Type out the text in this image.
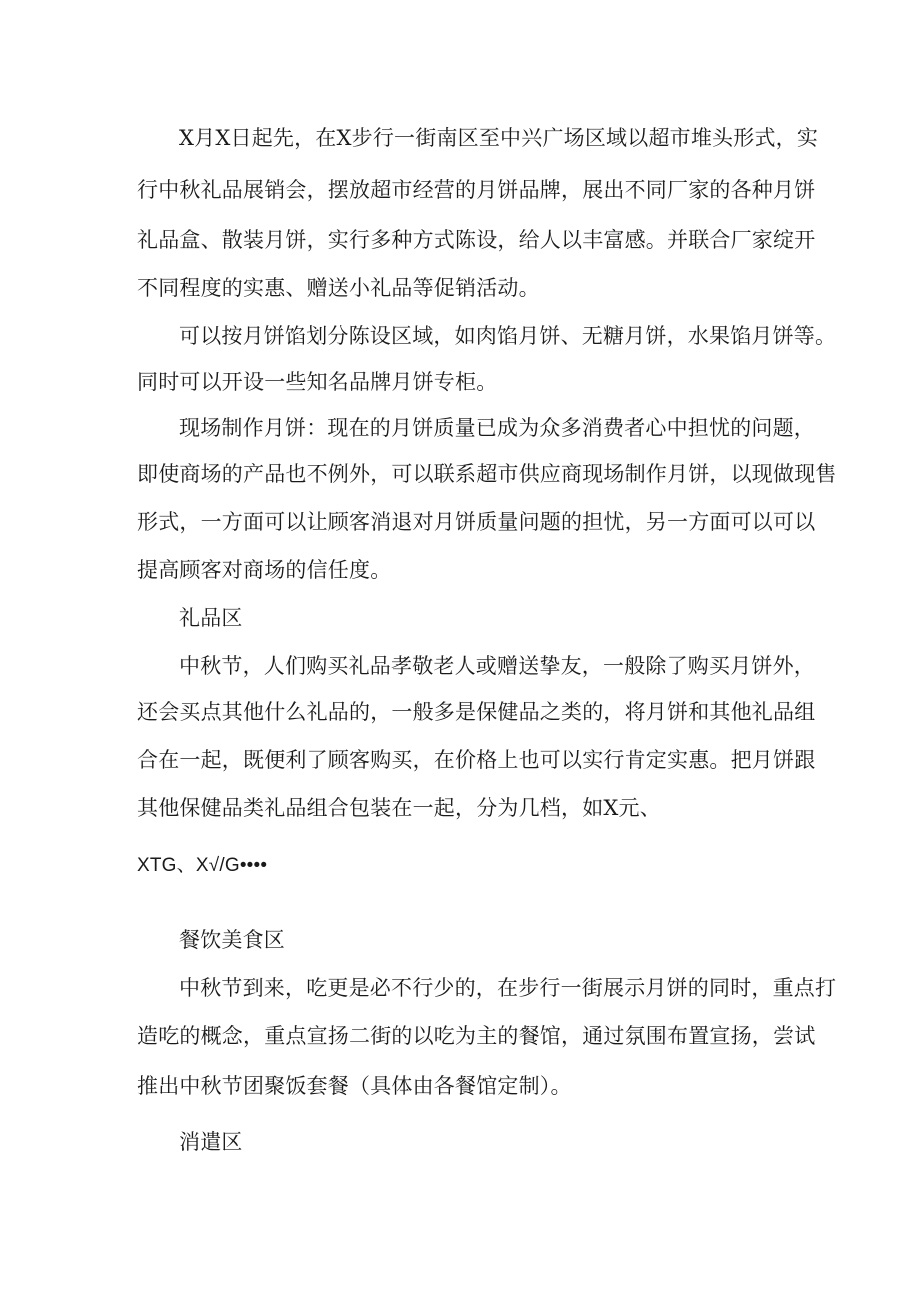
X月X日起先，在X步行一街南区至中兴广场区域以超市堆头形式，实
行中秋礼品展销会，摆放超市经营的月饼品牌，展出不同厂家的各种月饼
礼品盒、散装月饼，实行多种方式陈设，给人以丰富感。并联合厂家绽开
不同程度的实惠、赠送小礼品等促销活动。
可以按月饼馅划分陈设区域，如肉馅月饼、无糖月饼，水果馅月饼等。
同时可以开设一些知名品牌月饼专柜。
现场制作月饼：现在的月饼质量已成为众多消费者心中担忧的问题，
即使商场的产品也不例外，可以联系超市供应商现场制作月饼，以现做现售
形式，一方面可以让顾客消退对月饼质量问题的担忧，另一方面可以可以
提高顾客对商场的信任度。
礼品区
中秋节，人们购买礼品孝敬老人或赠送挚友，一般除了购买月饼外，
还会买点其他什么礼品的，一般多是保健品之类的，将月饼和其他礼品组
合在一起，既便利了顾客购买，在价格上也可以实行肯定实惠。把月饼跟
其他保健品类礼品组合包装在一起，分为几档，如X元、
XTG、X√/G••••
餐饮美食区
中秋节到来，吃更是必不行少的，在步行一街展示月饼的同时，重点打
造吃的概念，重点宣扬二街的以吃为主的餐馆，通过氛围布置宣扬，尝试
推出中秋节团聚饭套餐（具体由各餐馆定制）。
消遣区
